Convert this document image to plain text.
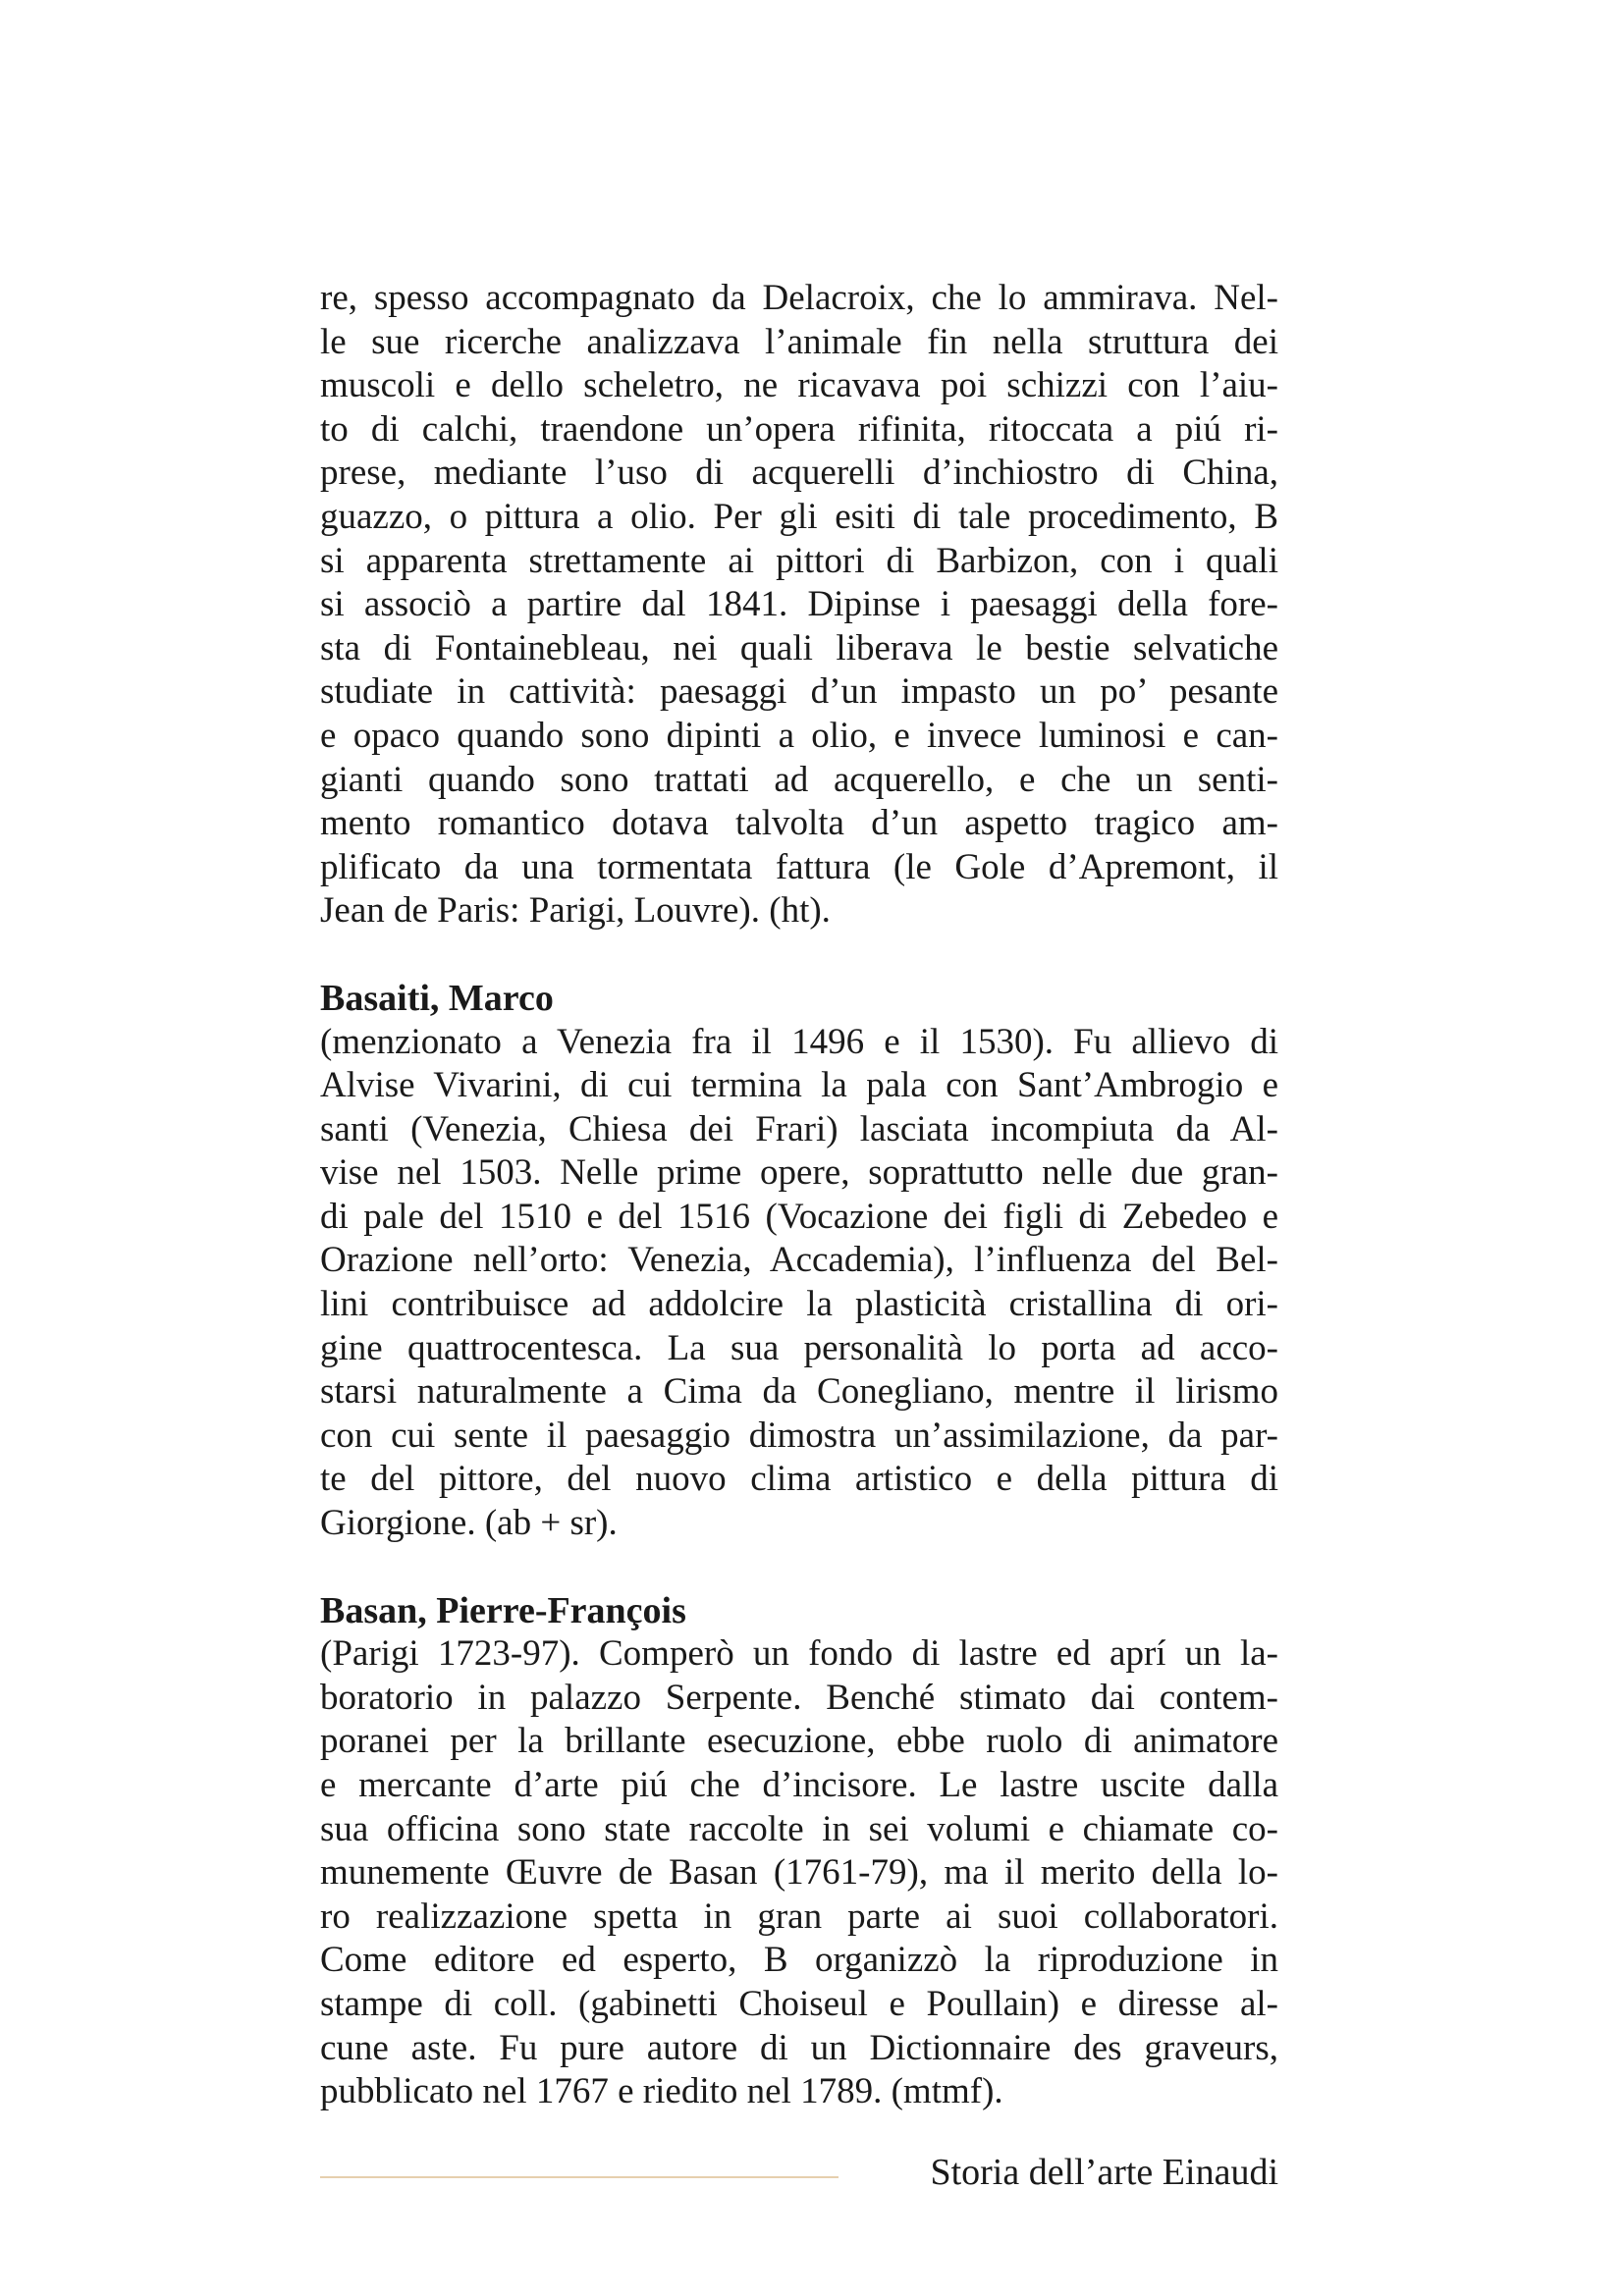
re, spesso accompagnato da Delacroix, che lo ammirava. Nel-
le sue ricerche analizzava l’animale fin nella struttura dei
muscoli e dello scheletro, ne ricavava poi schizzi con l’aiu-
to di calchi, traendone un’opera rifinita, ritoccata a piú ri-
prese, mediante l’uso di acquerelli d’inchiostro di China,
guazzo, o pittura a olio. Per gli esiti di tale procedimento, B
si apparenta strettamente ai pittori di Barbizon, con i quali
si associò a partire dal 1841. Dipinse i paesaggi della fore-
sta di Fontainebleau, nei quali liberava le bestie selvatiche
studiate in cattività: paesaggi d’un impasto un po’ pesante
e opaco quando sono dipinti a olio, e invece luminosi e can-
gianti quando sono trattati ad acquerello, e che un senti-
mento romantico dotava talvolta d’un aspetto tragico am-
plificato da una tormentata fattura (le Gole d’Apremont, il
Jean de Paris: Parigi, Louvre). (ht).

Basaiti, Marco

(menzionato a Venezia fra il 1496 e il 1530). Fu allievo di
Alvise Vivarini, di cui termina la pala con Sant’Ambrogio e
santi (Venezia, Chiesa dei Frari) lasciata incompiuta da Al-
vise nel 1503. Nelle prime opere, soprattutto nelle due gran-
di pale del 1510 e del 1516 (Vocazione dei figli di Zebedeo e
Orazione nell’orto: Venezia, Accademia), l’influenza del Bel-
lini contribuisce ad addolcire la plasticità cristallina di ori-
gine quattrocentesca. La sua personalità lo porta ad acco-
starsi naturalmente a Cima da Conegliano, mentre il lirismo
con cui sente il paesaggio dimostra un’assimilazione, da par-
te del pittore, del nuovo clima artistico e della pittura di
Giorgione. (ab + sr).

Basan, Pierre-François

(Parigi 1723-97). Comperò un fondo di lastre ed aprí un la-
boratorio in palazzo Serpente. Benché stimato dai contem-
poranei per la brillante esecuzione, ebbe ruolo di animatore
e mercante d’arte piú che d’incisore. Le lastre uscite dalla
sua officina sono state raccolte in sei volumi e chiamate co-
munemente Œuvre de Basan (1761-79), ma il merito della lo-
ro realizzazione spetta in gran parte ai suoi collaboratori.
Come editore ed esperto, B organizzò la riproduzione in
stampe di coll. (gabinetti Choiseul e Poullain) e diresse al-
cune aste. Fu pure autore di un Dictionnaire des graveurs,
pubblicato nel 1767 e riedito nel 1789. (mtmf).

Storia dell’arte Einaudi
